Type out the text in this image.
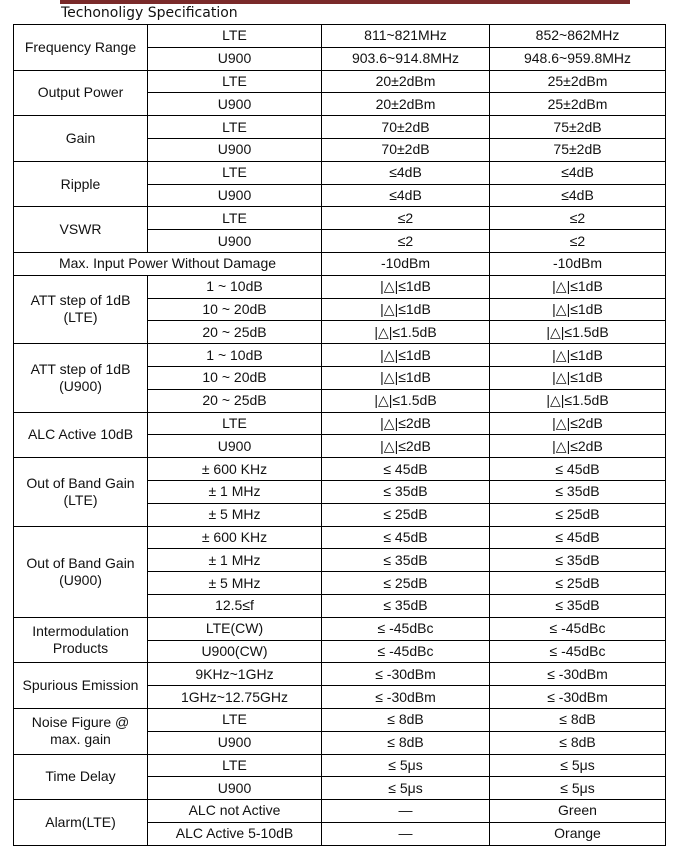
Techonoligy Specification
Frequency Range	LTE	811~821MHz	852~862MHz
	U900	903.6~914.8MHz	948.6~959.8MHz
Output Power	LTE	20±2dBm	25±2dBm
	U900	20±2dBm	25±2dBm
Gain	LTE	70±2dB	75±2dB
	U900	70±2dB	75±2dB
Ripple	LTE	≤4dB	≤4dB
	U900	≤4dB	≤4dB
VSWR	LTE	≤2	≤2
	U900	≤2	≤2
Max. Input Power Without Damage		-10dBm	-10dBm
ATT step of 1dB (LTE)	1 ~ 10dB	|△|≤1dB	|△|≤1dB
	10 ~ 20dB	|△|≤1dB	|△|≤1dB
	20 ~ 25dB	|△|≤1.5dB	|△|≤1.5dB
ATT step of 1dB (U900)	1 ~ 10dB	|△|≤1dB	|△|≤1dB
	10 ~ 20dB	|△|≤1dB	|△|≤1dB
	20 ~ 25dB	|△|≤1.5dB	|△|≤1.5dB
ALC Active 10dB	LTE	|△|≤2dB	|△|≤2dB
	U900	|△|≤2dB	|△|≤2dB
Out of Band Gain (LTE)	± 600 KHz	≤ 45dB	≤ 45dB
	± 1 MHz	≤ 35dB	≤ 35dB
	± 5 MHz	≤ 25dB	≤ 25dB
Out of Band Gain (U900)	± 600 KHz	≤ 45dB	≤ 45dB
	± 1 MHz	≤ 35dB	≤ 35dB
	± 5 MHz	≤ 25dB	≤ 25dB
	12.5≤f	≤ 35dB	≤ 35dB
Intermodulation Products	LTE(CW)	≤ -45dBc	≤ -45dBc
	U900(CW)	≤ -45dBc	≤ -45dBc
Spurious Emission	9KHz~1GHz	≤ -30dBm	≤ -30dBm
	1GHz~12.75GHz	≤ -30dBm	≤ -30dBm
Noise Figure @ max. gain	LTE	≤ 8dB	≤ 8dB
	U900	≤ 8dB	≤ 8dB
Time Delay	LTE	≤ 5μs	≤ 5μs
	U900	≤ 5μs	≤ 5μs
Alarm(LTE)	ALC not Active	—	Green
	ALC Active 5-10dB	—	Orange
